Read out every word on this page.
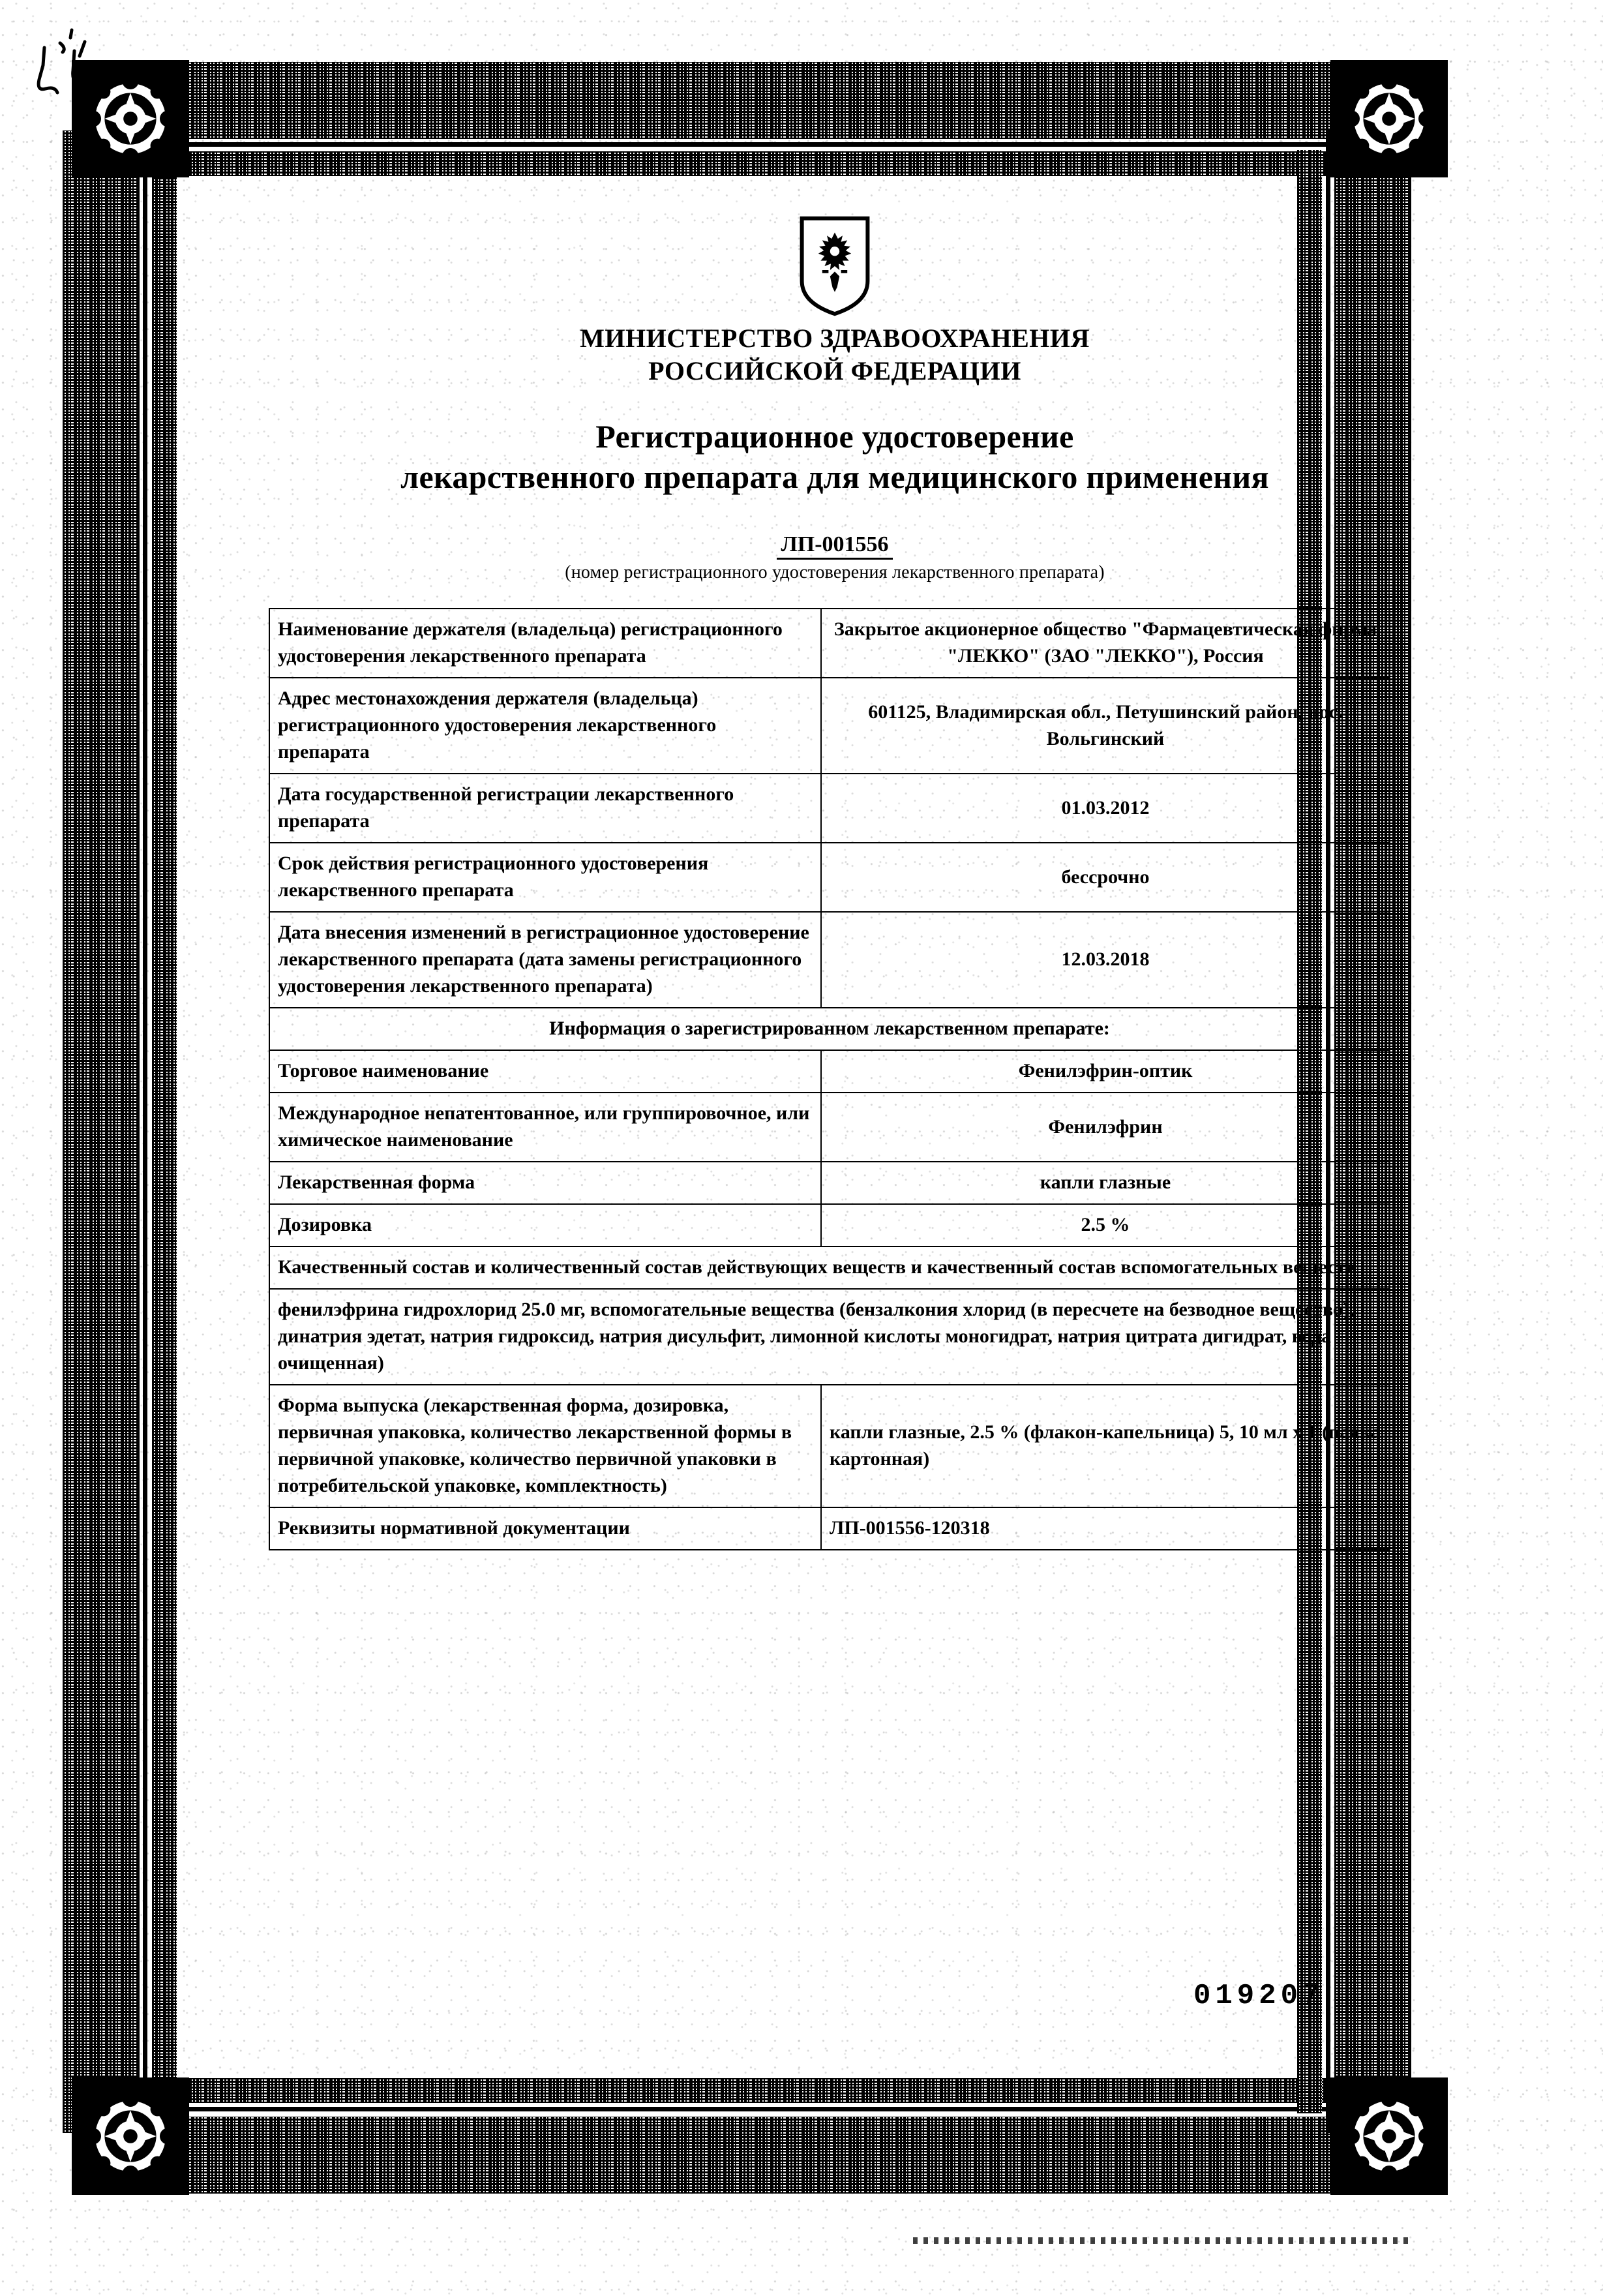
МИНИСТЕРСТВО ЗДРАВООХРАНЕНИЯ
РОССИЙСКОЙ ФЕДЕРАЦИИ
Регистрационное удостоверение
лекарственного препарата для медицинского применения
ЛП-001556
(номер регистрационного удостоверения лекарственного препарата)
Наименование держателя (владельца) регистрационного удостоверения лекарственного препарата	Закрытое акционерное общество "Фармацевтическая фирма "ЛЕККО" (ЗАО "ЛЕККО"), Россия
Адрес местонахождения держателя (владельца) регистрационного удостоверения лекарственного препарата	601125, Владимирская обл., Петушинский район, пос. Вольгинский
Дата государственной регистрации лекарственного препарата	01.03.2012
Срок действия регистрационного удостоверения лекарственного препарата	бессрочно
Дата внесения изменений в регистрационное удостоверение лекарственного препарата (дата замены регистрационного удостоверения лекарственного препарата)	12.03.2018
Информация о зарегистрированном лекарственном препарате:	
Торговое наименование	Фенилэфрин-оптик
Международное непатентованное, или группировочное, или химическое наименование	Фенилэфрин
Лекарственная форма	капли глазные
Дозировка	2.5 %
Качественный состав и количественный состав действующих веществ и качественный состав вспомогательных веществ	
фенилэфрина гидрохлорид 25.0 мг, вспомогательные вещества (бензалкония хлорид (в пересчете на безводное вещество), динатрия эдетат, натрия гидроксид, натрия дисульфит, лимонной кислоты моногидрат, натрия цитрата дигидрат, вода очищенная)	
Форма выпуска (лекарственная форма, дозировка, первичная упаковка, количество лекарственной формы в первичной упаковке, количество первичной упаковки в потребительской упаковке, комплектность)	капли глазные, 2.5 % (флакон-капельница) 5, 10 мл х 1 (пачка картонная)
Реквизиты нормативной документации	ЛП-001556-120318
019207
